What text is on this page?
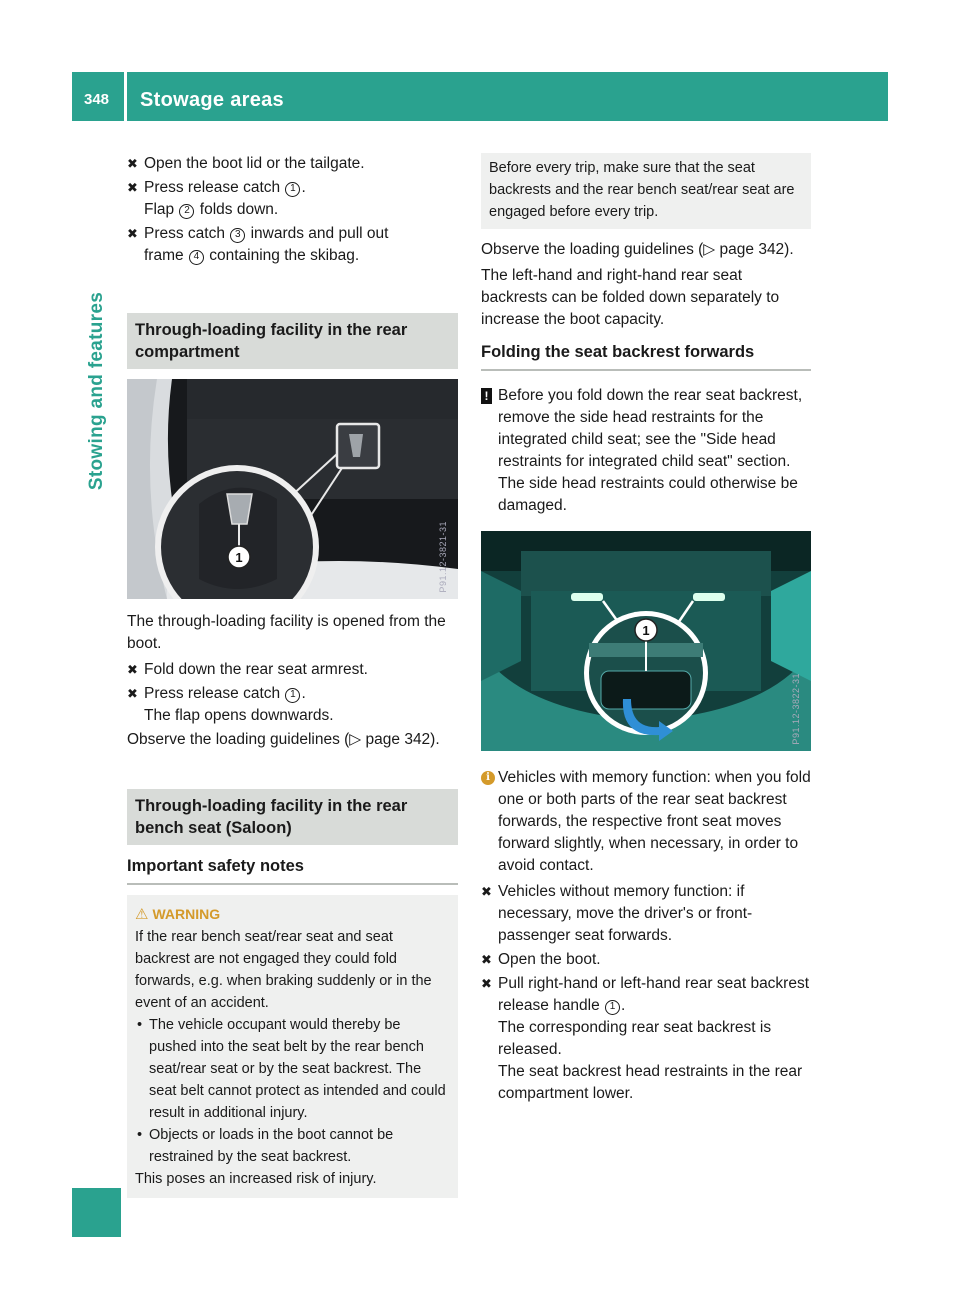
348 Stowage areas
Stowing and features
✖ Open the boot lid or the tailgate.
✖ Press release catch 1 .
Flap 2 folds down.
✖ Press catch 3 inwards and pull out
frame 4 containing the skibag.
Through-loading facility in the rear compartment
1	P91.12-3821-31
The through-loading facility is opened from the boot.
✖ Fold down the rear seat armrest.
✖ Press release catch 1 .
The flap opens downwards.
Observe the loading guidelines (▷ page 342).
Through-loading facility in the rear bench seat (Saloon)
Important safety notes
⚠ WARNING
If the rear bench seat/rear seat and seat backrest are not engaged they could fold forwards, e.g. when braking suddenly or in the event of an accident.
• The vehicle occupant would thereby be pushed into the seat belt by the rear bench seat/rear seat or by the seat backrest. The seat belt cannot protect as intended and could result in additional injury.
• Objects or loads in the boot cannot be restrained by the seat backrest.
This poses an increased risk of injury.
Before every trip, make sure that the seat backrests and the rear bench seat/rear seat are engaged before every trip.
Observe the loading guidelines (▷ page 342).
The left-hand and right-hand rear seat backrests can be folded down separately to increase the boot capacity.
Folding the seat backrest forwards
! Before you fold down the rear seat backrest, remove the side head restraints for the integrated child seat; see the "Side head restraints for integrated child seat" section. The side head restraints could otherwise be damaged.
1
P91.12-3822-31
i Vehicles with memory function: when you fold one or both parts of the rear seat backrest forwards, the respective front seat moves forward slightly, when necessary, in order to avoid contact.
✖ Vehicles without memory function: if necessary, move the driver's or front-passenger seat forwards.
✖ Open the boot.
✖ Pull right-hand or left-hand rear seat backrest release handle 1 .
The corresponding rear seat backrest is released.
The seat backrest head restraints in the rear compartment lower.
